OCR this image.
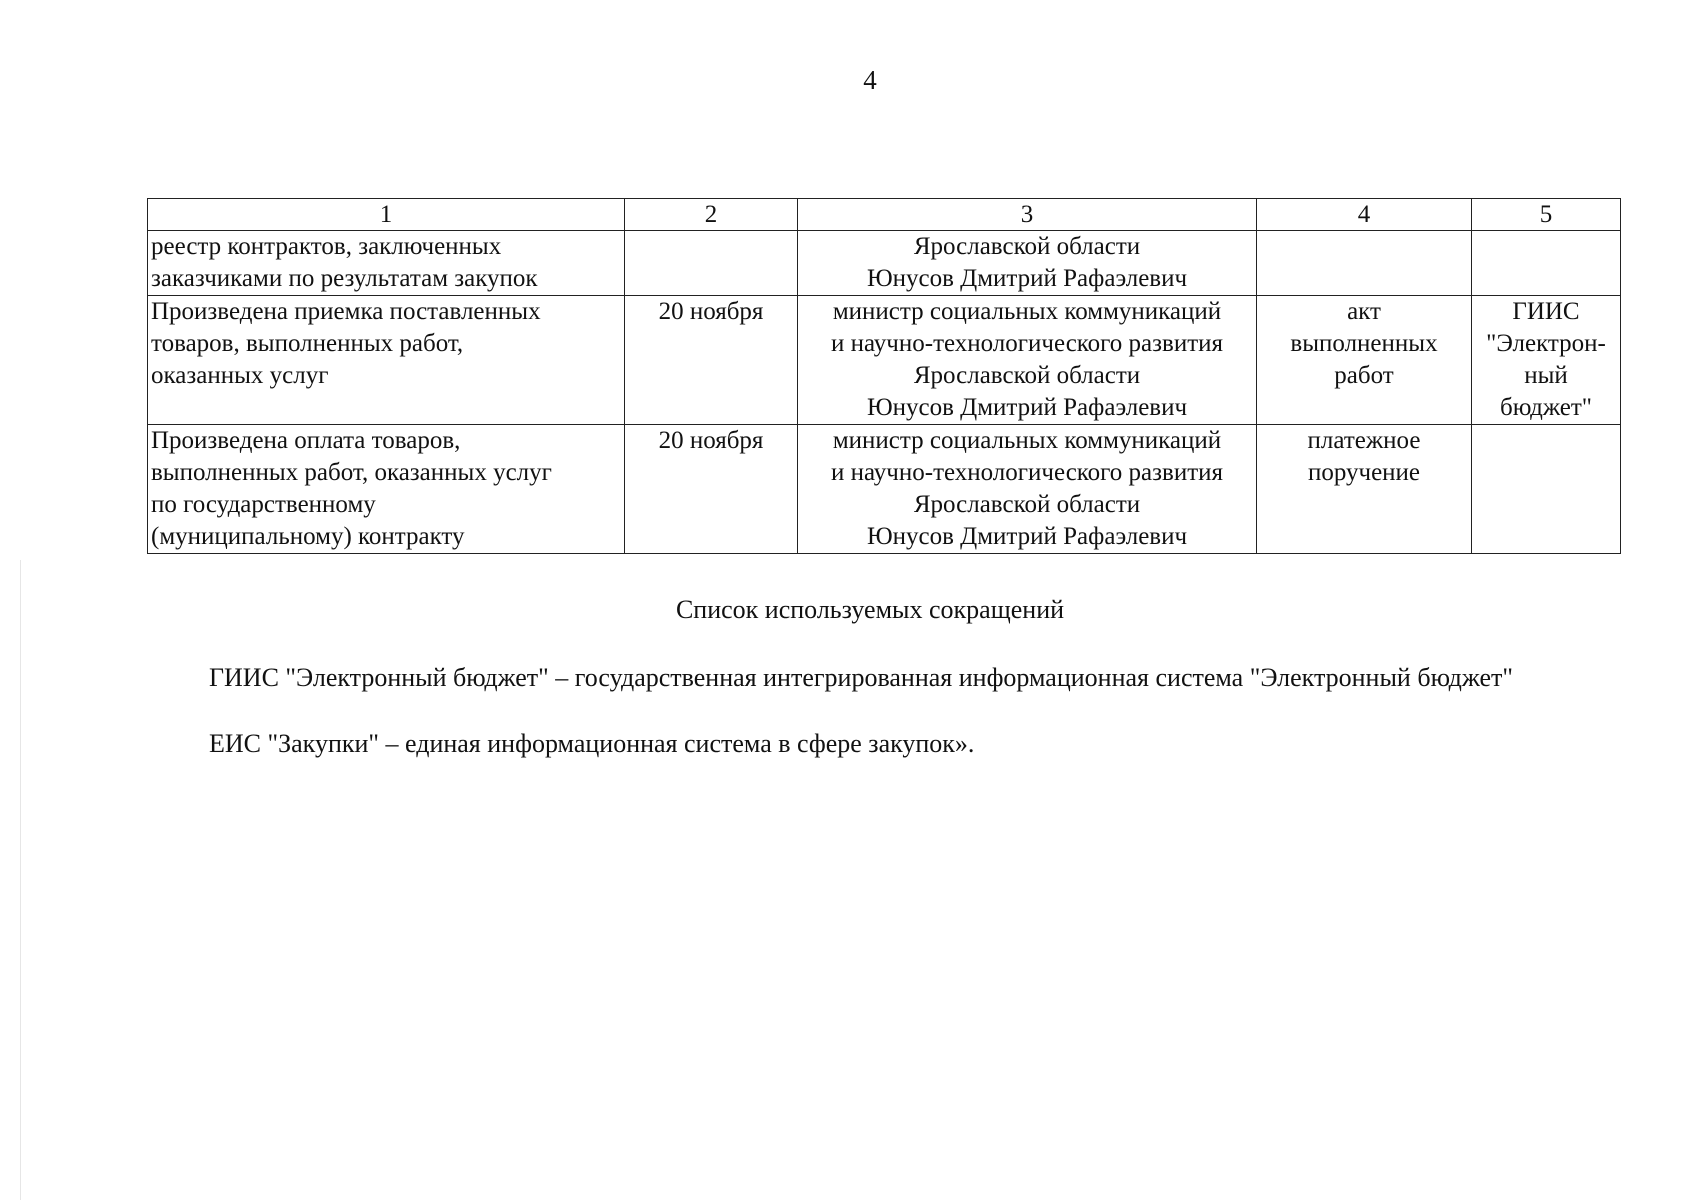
4
1	2	3	4	5

реестр контрактов, заключенных
заказчиками по результатам закупок		Ярославской области
Юнусов Дмитрий Рафаэлевич		

Произведена приемка поставленных
товаров, выполненных работ,
оказанных услуг	20 ноября	министр социальных коммуникаций
и научно-технологического развития
Ярославской области
Юнусов Дмитрий Рафаэлевич	акт
выполненных
работ	ГИИС
"Электрон-
ный
бюджет"

Произведена оплата товаров,
выполненных работ, оказанных услуг
по государственному
(муниципальному) контракту	20 ноября	министр социальных коммуникаций
и научно-технологического развития
Ярославской области
Юнусов Дмитрий Рафаэлевич	платежное
поручение	

Список используемых сокращений
ГИИС "Электронный бюджет" – государственная интегрированная информационная система "Электронный бюджет"
ЕИС "Закупки" – единая информационная система в сфере закупок».
